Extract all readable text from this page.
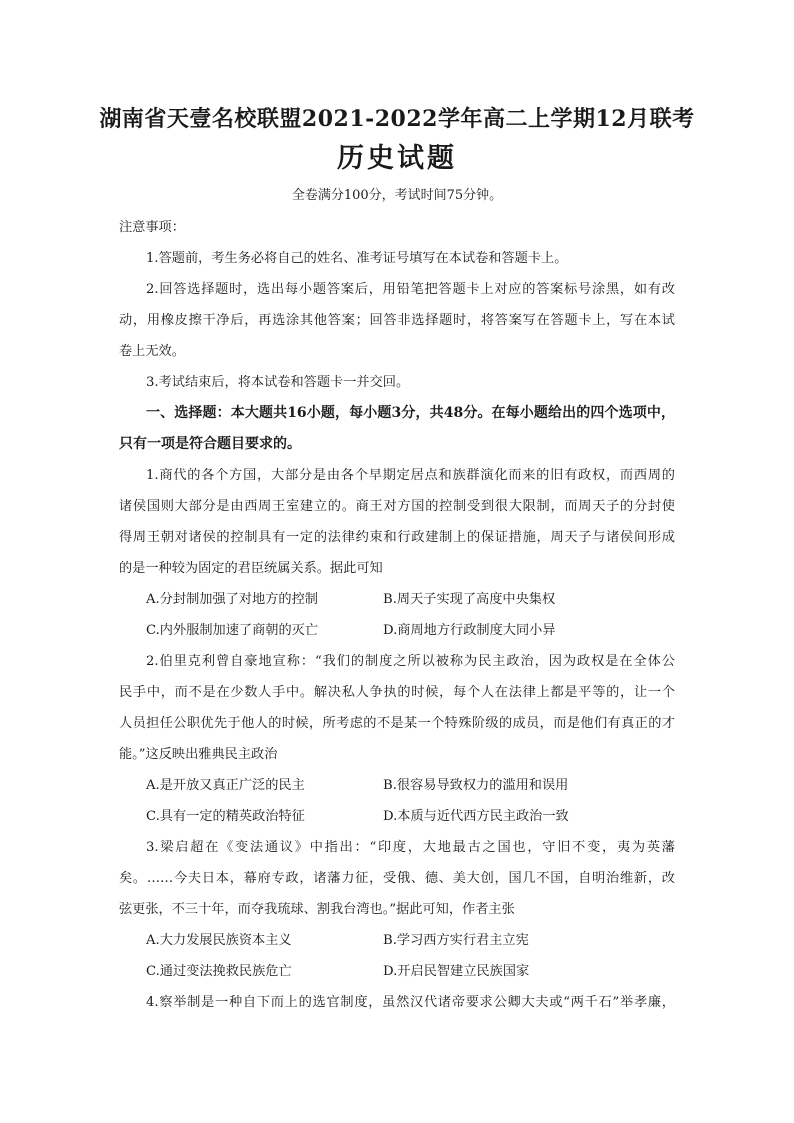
湖南省天壹名校联盟2021-2022学年高二上学期12月联考
历史试题
全卷满分100分，考试时间75分钟。
注意事项：
1.答题前，考生务必将自己的姓名、准考证号填写在本试卷和答题卡上。
2.回答选择题时，选出每小题答案后，用铅笔把答题卡上对应的答案标号涂黑，如有改
动，用橡皮擦干净后，再选涂其他答案；回答非选择题时，将答案写在答题卡上，写在本试
卷上无效。
3.考试结束后，将本试卷和答题卡一并交回。
一、选择题：本大题共16小题，每小题3分，共48分。在每小题给出的四个选项中，
只有一项是符合题目要求的。
1.商代的各个方国，大部分是由各个早期定居点和族群演化而来的旧有政权，而西周的
诸侯国则大部分是由西周王室建立的。商王对方国的控制受到很大限制，而周天子的分封使
得周王朝对诸侯的控制具有一定的法律约束和行政建制上的保证措施，周天子与诸侯间形成
的是一种较为固定的君臣统属关系。据此可知
A.分封制加强了对地方的控制	B.周天子实现了高度中央集权
C.内外服制加速了商朝的灭亡	D.商周地方行政制度大同小异
2.伯里克利曾自豪地宣称：“我们的制度之所以被称为民主政治，因为政权是在全体公
民手中，而不是在少数人手中。解决私人争执的时候，每个人在法律上都是平等的，让一个
人员担任公职优先于他人的时候，所考虑的不是某一个特殊阶级的成员，而是他们有真正的才
能。”这反映出雅典民主政治
A.是开放又真正广泛的民主	B.很容易导致权力的滥用和误用
C.具有一定的精英政治特征	D.本质与近代西方民主政治一致
3.梁启超在《变法通议》中指出：“印度，大地最古之国也，守旧不变，夷为英藩
矣。……今夫日本，幕府专政，诸藩力征，受俄、德、美大创，国几不国，自明治维新，改
弦更张，不三十年，而夺我琉球、割我台湾也。”据此可知，作者主张
A.大力发展民族资本主义	B.学习西方实行君主立宪
C.通过变法挽救民族危亡	D.开启民智建立民族国家
4.察举制是一种自下而上的选官制度，虽然汉代诸帝要求公卿大夫或“两千石”举孝廉，
